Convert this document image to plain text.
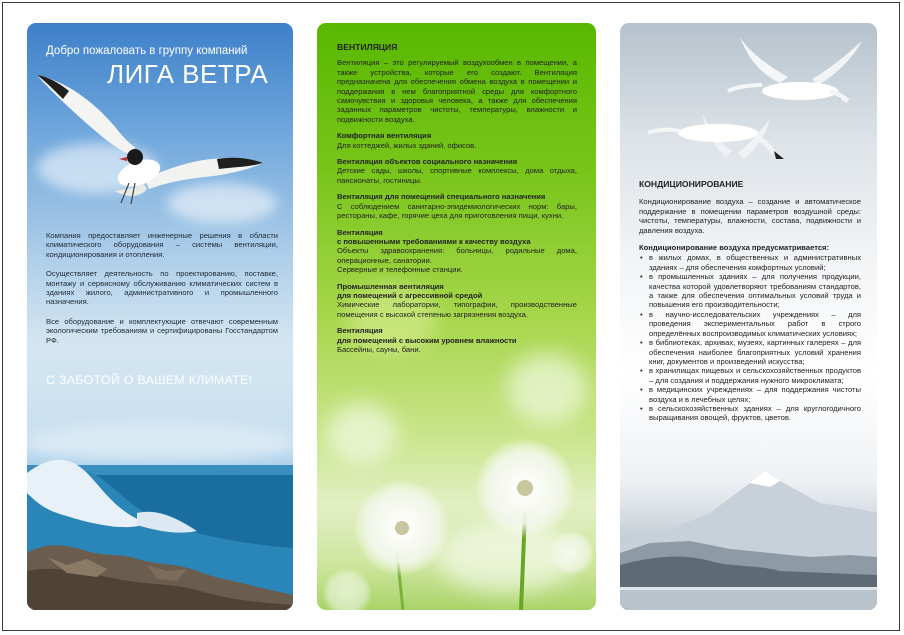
Добро пожаловать в группу компаний
ЛИГА ВЕТРА

Компания предоставляет инженерные решения в области климатического оборудования – системы вентиляции, кондиционирования и отопления.

Осуществляет деятельность по проектированию, поставке, монтажу и сервисному обслуживанию климатических систем в зданиях жилого, административного и промышленного назначения.

Все оборудование и комплектующие отвечают современным экологическим требованиям и сертифицированы Госстандартом РФ.

С ЗАБОТОЙ О ВАШЕМ КЛИМАТЕ!
ВЕНТИЛЯЦИЯ
Вентиляция – это регулируемый воздухообмен в помещении, а также устройства, которые его создают. Вентиляция предназначена для обеспечения обмена воздуха в помещении и поддержания в нем благоприятной среды для комфортного самочувствия и здоровья человека, а также для обеспечения заданных параметров чистоты, температуры, влажности и подвижности воздуха.
Комфортная вентиляция
Для коттеджей, жилых зданий, офисов.
Вентиляция объектов социального назначения
Детские сады, школы, спортивные комплексы, дома отдыха, пансионаты, гостиницы.
Вентиляция для помещений специального назначения
С соблюдением санитарно-эпидемиологических норм: бары, рестораны, кафе, горячие цеха для приготовления пищи, кухни.
Вентиляция
с повышенными требованиями к качеству воздуха
Объекты здравоохранения: больницы, родильные дома, операционные, санатории.
Серверные и телефонные станции.
Промышленная вентиляция
для помещений с агрессивной средой
Химические лаборатории, типографии, производственные помещения с высокой степенью загрязнения воздуха.
Вентиляция
для помещений с высоким уровнем влажности
Бассейны, сауны, бани.
КОНДИЦИОНИРОВАНИЕ
Кондиционирование воздуха – создание и автоматическое поддержание в помещении параметров воздушной среды: чистоты, температуры, влажности, состава, подвижности и давления воздуха.
Кондиционирование воздуха предусматривается:
• в жилых домах, в общественных и административных зданиях – для обеспечения комфортных условий;
• в промышленных зданиях – для получения продукции, качества которой удовлетворяют требованиям стандартов, а также для обеспечения оптимальных условий труда и повышения его производительности;
• в научно-исследовательских учреждениях – для проведения экспериментальных работ в строго определённых воспроизводимых климатических условиях;
• в библиотеках, архивах, музеях, картинных галереях – для обеспечения наиболее благоприятных условий хранения книг, документов и произведений искусства;
• в хранилищах пищевых и сельскохозяйственных продуктов – для создания и поддержания нужного микроклимата;
• в медицинских учреждениях – для поддержания чистоты воздуха и в лечебных целях;
• в сельскохозяйственных зданиях – для круглогодичного выращивания овощей, фруктов, цветов.
